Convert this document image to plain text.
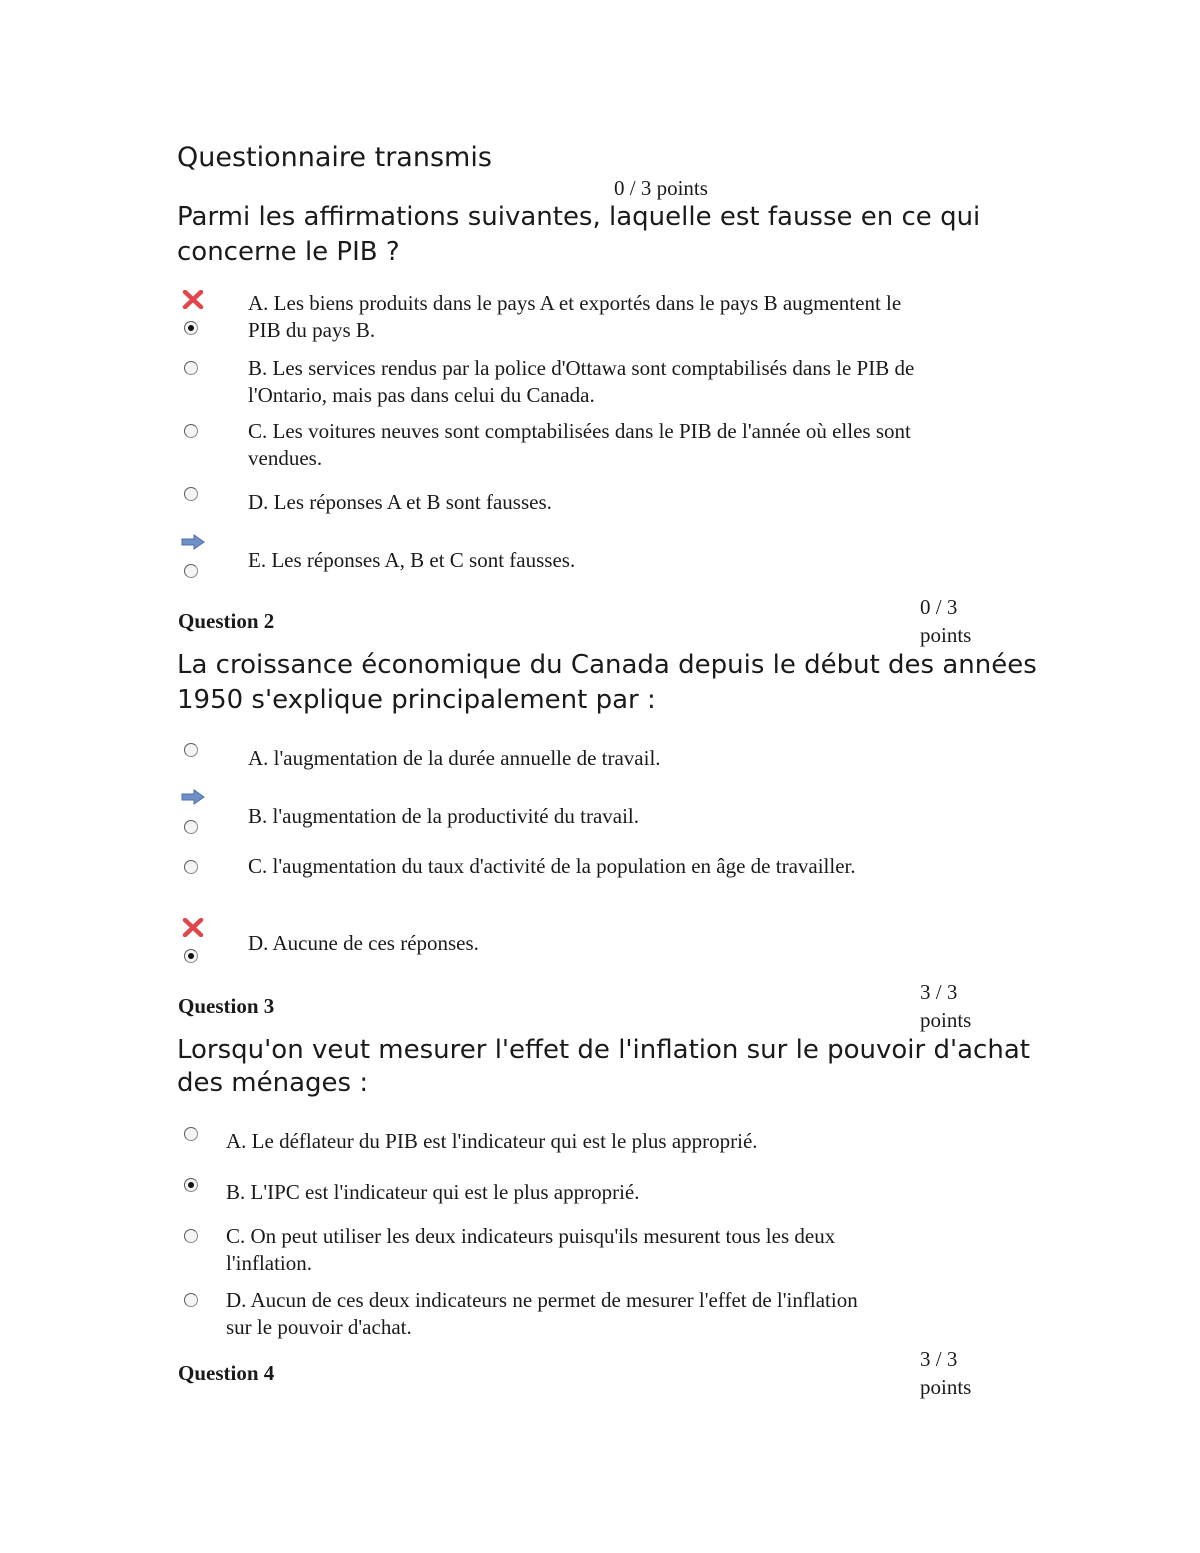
Questionnaire transmis

0 / 3 points

Parmi les affirmations suivantes, laquelle est fausse en ce qui concerne le PIB ?

A. Les biens produits dans le pays A et exportés dans le pays B augmentent le PIB du pays B.

B. Les services rendus par la police d'Ottawa sont comptabilisés dans le PIB de l'Ontario, mais pas dans celui du Canada.

C. Les voitures neuves sont comptabilisées dans le PIB de l'année où elles sont vendues.

D. Les réponses A et B sont fausses.

E. Les réponses A, B et C sont fausses.

Question 2

0 / 3

points

La croissance économique du Canada depuis le début des années 1950 s'explique principalement par :

A. l'augmentation de la durée annuelle de travail.

B. l'augmentation de la productivité du travail.

C. l'augmentation du taux d'activité de la population en âge de travailler.

D. Aucune de ces réponses.

Question 3

3 / 3

points

Lorsqu'on veut mesurer l'effet de l'inflation sur le pouvoir d'achat des ménages :

A. Le déflateur du PIB est l'indicateur qui est le plus approprié.

B. L'IPC est l'indicateur qui est le plus approprié.

C. On peut utiliser les deux indicateurs puisqu'ils mesurent tous les deux l'inflation.

D. Aucun de ces deux indicateurs ne permet de mesurer l'effet de l'inflation sur le pouvoir d'achat.

Question 4

3 / 3

points
